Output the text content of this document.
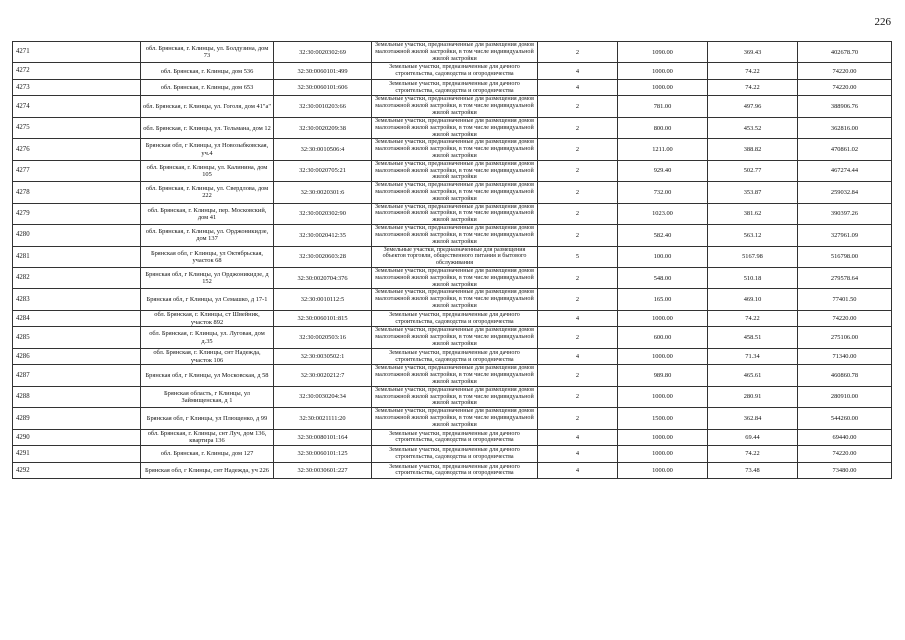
226
4271	обл. Брянская, г. Клинцы, ул. Болдузина, дом 73	32:30:0020302:69	Земельные участки, предназначенные для размещения домов малоэтажной жилой застройки, в том числе индивидуальной жилой застройки	2	1090.00	369.43	402678.70
4272	обл. Брянская, г. Клинцы, дом 536	32:30:0060101:499	Земельные участки, предназначенные для дачного строительства, садоводства и огородничества	4	1000.00	74.22	74220.00
4273	обл. Брянская, г. Клинцы, дом 653	32:30:0060101:606	Земельные участки, предназначенные для дачного строительства, садоводства и огородничества	4	1000.00	74.22	74220.00
4274	обл. Брянская, г. Клинцы, ул. Гоголя, дом 41"а"	32:30:0010203:66	Земельные участки, предназначенные для размещения домов малоэтажной жилой застройки, в том числе индивидуальной жилой застройки	2	781.00	497.96	388906.76
4275	обл. Брянская, г. Клинцы, ул. Тельмана, дом 12	32:30:0020209:38	Земельные участки, предназначенные для размещения домов малоэтажной жилой застройки, в том числе индивидуальной жилой застройки	2	800.00	453.52	362816.00
4276	Брянская обл, г Клинцы, ул Новозыбковская, уч.4	32:30:0010506:4	Земельные участки, предназначенные для размещения домов малоэтажной жилой застройки, в том числе индивидуальной жилой застройки	2	1211.00	388.82	470861.02
4277	обл. Брянская, г. Клинцы, ул. Калинина, дом 105	32:30:0020705:21	Земельные участки, предназначенные для размещения домов малоэтажной жилой застройки, в том числе индивидуальной жилой застройки	2	929.40	502.77	467274.44
4278	обл. Брянская, г. Клинцы, ул. Свердлова, дом 222	32:30:0020301:6	Земельные участки, предназначенные для размещения домов малоэтажной жилой застройки, в том числе индивидуальной жилой застройки	2	732.00	353.87	259032.84
4279	обл. Брянская, г. Клинцы, пер. Московский, дом 41	32:30:0020302:90	Земельные участки, предназначенные для размещения домов малоэтажной жилой застройки, в том числе индивидуальной жилой застройки	2	1023.00	381.62	390397.26
4280	обл. Брянская, г. Клинцы, ул. Орджоникидзе, дом 137	32:30:0020412:35	Земельные участки, предназначенные для размещения домов малоэтажной жилой застройки, в том числе индивидуальной жилой застройки	2	582.40	563.12	327961.09
4281	Брянская обл, г Клинцы, ул Октябрьская, участок 68	32:30:0020603:28	Земельные участки, предназначенные для размещения объектов торговли, общественного питания и бытового обслуживания	5	100.00	5167.98	516798.00
4282	Брянская обл, г Клинцы, ул Орджоникидзе, д 152	32:30:0020704:376	Земельные участки, предназначенные для размещения домов малоэтажной жилой застройки, в том числе индивидуальной жилой застройки	2	548.00	510.18	279578.64
4283	Брянская обл, г Клинцы, ул Семашко, д 17-1	32:30:0010112:5	Земельные участки, предназначенные для размещения домов малоэтажной жилой застройки, в том числе индивидуальной жилой застройки	2	165.00	469.10	77401.50
4284	обл. Брянская, г. Клинцы, ст Швейник, участок 892	32:30:0060101:815	Земельные участки, предназначенные для дачного строительства, садоводства и огородничества	4	1000.00	74.22	74220.00
4285	обл. Брянская, г. Клинцы, ул. Луговая, дом д.35	32:30:0020503:16	Земельные участки, предназначенные для размещения домов малоэтажной жилой застройки, в том числе индивидуальной жилой застройки	2	600.00	458.51	275106.00
4286	обл. Брянская, г. Клинцы, снт Надежда, участок 106	32:30:0030502:1	Земельные участки, предназначенные для дачного строительства, садоводства и огородничества	4	1000.00	71.34	71340.00
4287	Брянская обл, г Клинцы, ул Московская, д 58	32:30:0020212:7	Земельные участки, предназначенные для размещения домов малоэтажной жилой застройки, в том числе индивидуальной жилой застройки	2	989.80	465.61	460860.78
4288	Брянская область, г Клинцы, ул Займищенская, д 1	32:30:0030204:34	Земельные участки, предназначенные для размещения домов малоэтажной жилой застройки, в том числе индивидуальной жилой застройки	2	1000.00	280.91	280910.00
4289	Брянская обл, г Клинцы, ул Плющенко, д 99	32:30:0021111:20	Земельные участки, предназначенные для размещения домов малоэтажной жилой застройки, в том числе индивидуальной жилой застройки	2	1500.00	362.84	544260.00
4290	обл. Брянская, г. Клинцы, снт Луч, дом 136, квартира 136	32:30:0080101:164	Земельные участки, предназначенные для дачного строительства, садоводства и огородничества	4	1000.00	69.44	69440.00
4291	обл. Брянская, г. Клинцы, дом 127	32:30:0060101:125	Земельные участки, предназначенные для дачного строительства, садоводства и огородничества	4	1000.00	74.22	74220.00
4292	Брянская обл, г Клинцы, снт Надежда, уч 226	32:30:0030601:227	Земельные участки, предназначенные для дачного строительства, садоводства и огородничества	4	1000.00	73.48	73480.00
